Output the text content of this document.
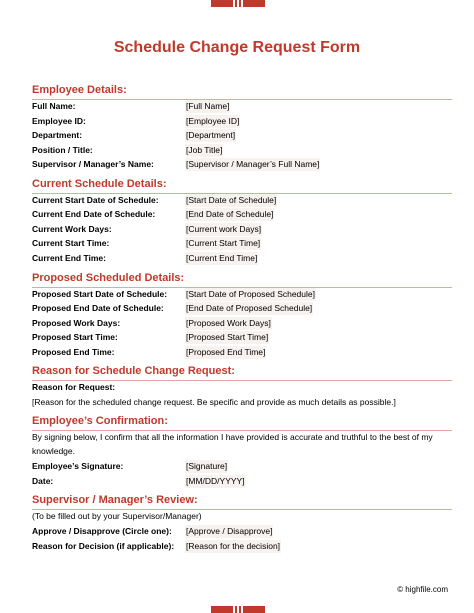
Schedule Change Request Form
Employee Details:
Full Name:	[Full Name]
Employee ID:	[Employee ID]
Department:	[Department]
Position / Title:	[Job Title]
Supervisor / Manager’s Name:	[Supervisor / Manager’s Full Name]
Current Schedule Details:
Current Start Date of Schedule:	[Start Date of Schedule]
Current End Date of Schedule:	[End Date of Schedule]
Current Work Days:	[Current work Days]
Current Start Time:	[Current Start Time]
Current End Time:	[Current End Time]
Proposed Scheduled Details:
Proposed Start Date of Schedule: [Start Date of Proposed Schedule]
Proposed End Date of Schedule:	[End Date of Proposed Schedule]
Proposed Work Days:	[Proposed Work Days]
Proposed Start Time:	[Proposed Start Time]
Proposed End Time:	[Proposed End Time]
Reason for Schedule Change Request:
Reason for Request:
[Reason for the scheduled change request. Be specific and provide as much details as possible.]
Employee’s Confirmation:
By signing below, I confirm that all the information I have provided is accurate and truthful to the best of my knowledge.
Employee’s Signature:	[Signature]
Date:	[MM/DD/YYYY]
Supervisor / Manager’s Review:
(To be filled out by your Supervisor/Manager)
Approve / Disapprove (Circle one): [Approve / Disapprove]
Reason for Decision (if applicable): [Reason for the decision]
© highfile.com
